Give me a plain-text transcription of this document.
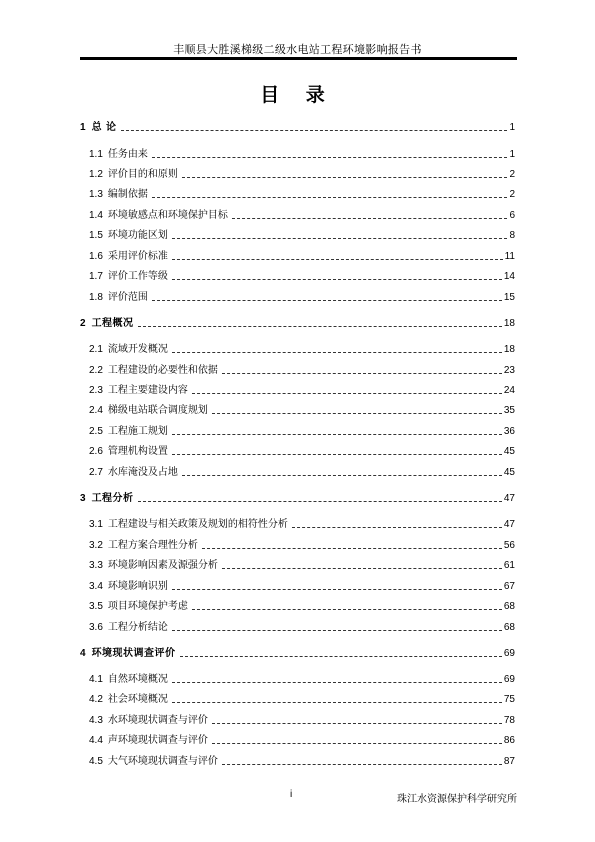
丰顺县大胜溪梯级二级水电站工程环境影响报告书
目 录
1 总 论	1
1.1 任务由来	1
1.2 评价目的和原则	2
1.3 编制依据	2
1.4 环境敏感点和环境保护目标	6
1.5 环境功能区划	8
1.6 采用评价标准	11
1.7 评价工作等级	14
1.8 评价范围	15
2 工程概况	18
2.1 流域开发概况	18
2.2 工程建设的必要性和依据	23
2.3 工程主要建设内容	24
2.4 梯级电站联合调度规划	35
2.5 工程施工规划	36
2.6 管理机构设置	45
2.7 水库淹没及占地	45
3 工程分析	47
3.1 工程建设与相关政策及规划的相符性分析	47
3.2 工程方案合理性分析	56
3.3 环境影响因素及源强分析	61
3.4 环境影响识别	67
3.5 项目环境保护考虑	68
3.6 工程分析结论	68
4 环境现状调查评价	69
4.1 自然环境概况	69
4.2 社会环境概况	75
4.3 水环境现状调查与评价	78
4.4 声环境现状调查与评价	86
4.5 大气环境现状调查与评价	87
i	珠江水资源保护科学研究所
